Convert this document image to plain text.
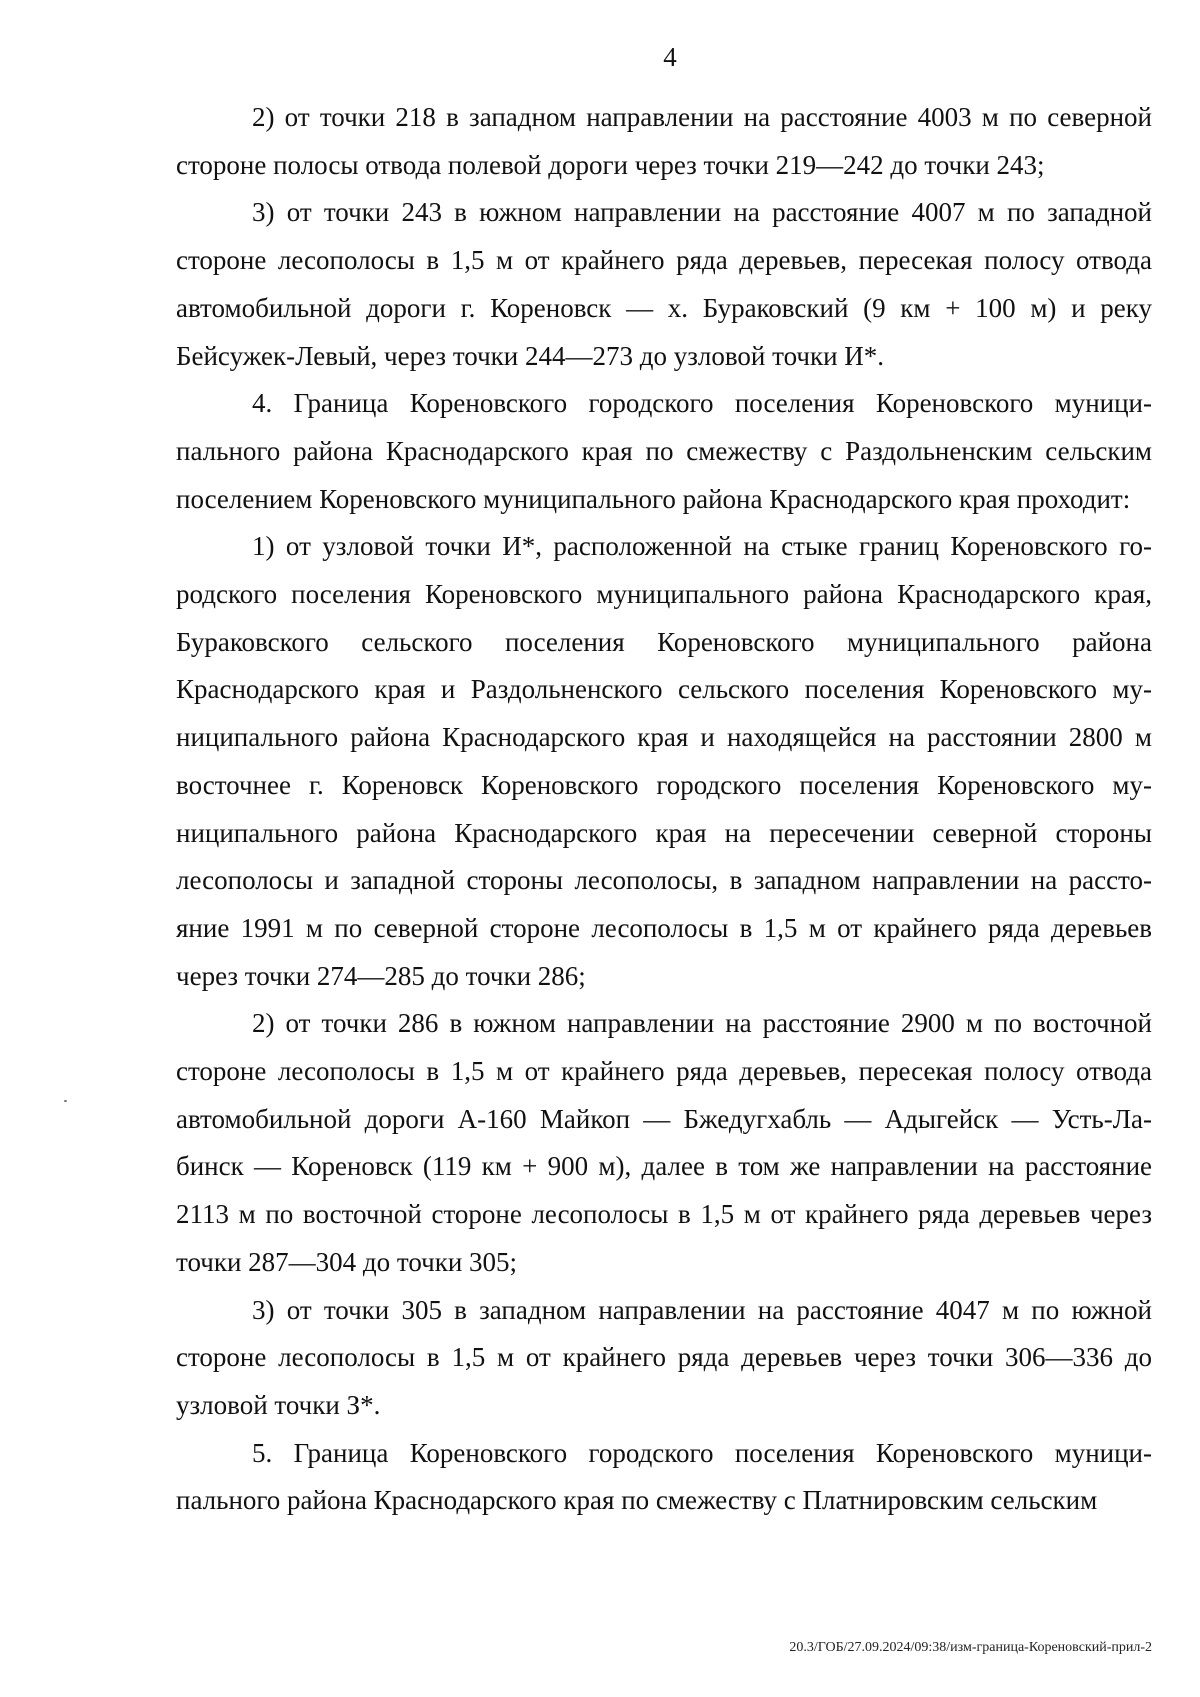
4

2) от точки 218 в западном направлении на расстояние 4003 м по северной стороне полосы отвода полевой дороги через точки 219—242 до точки 243;

3) от точки 243 в южном направлении на расстояние 4007 м по западной стороне лесополосы в 1,5 м от крайнего ряда деревьев, пересекая полосу отвода автомобильной дороги г. Кореновск — х. Бураковский (9 км + 100 м) и реку Бейсужек-Левый, через точки 244—273 до узловой точки И*.

4. Граница Кореновского городского поселения Кореновского муниципального района Краснодарского края по смежеству с Раздольненским сельским поселением Кореновского муниципального района Краснодарского края проходит:

1) от узловой точки И*, расположенной на стыке границ Кореновского городского поселения Кореновского муниципального района Краснодарского края, Бураковского сельского поселения Кореновского муниципального района Краснодарского края и Раздольненского сельского поселения Кореновского муниципального района Краснодарского края и находящейся на расстоянии 2800 м восточнее г. Кореновск Кореновского городского поселения Кореновского муниципального района Краснодарского края на пересечении северной стороны лесополосы и западной стороны лесополосы, в западном направлении на расстояние 1991 м по северной стороне лесополосы в 1,5 м от крайнего ряда деревьев через точки 274—285 до точки 286;

2) от точки 286 в южном направлении на расстояние 2900 м по восточной стороне лесополосы в 1,5 м от крайнего ряда деревьев, пересекая полосу отвода автомобильной дороги А-160 Майкоп — Бжедугхабль — Адыгейск — Усть-Лабинск — Кореновск (119 км + 900 м), далее в том же направлении на расстояние 2113 м по восточной стороне лесополосы в 1,5 м от крайнего ряда деревьев через точки 287—304 до точки 305;

3) от точки 305 в западном направлении на расстояние 4047 м по южной стороне лесополосы в 1,5 м от крайнего ряда деревьев через точки 306—336 до узловой точки З*.

5. Граница Кореновского городского поселения Кореновского муниципального района Краснодарского края по смежеству с Платнировским сельским

20.3/ГОБ/27.09.2024/09:38/изм-граница-Кореновский-прил-2
